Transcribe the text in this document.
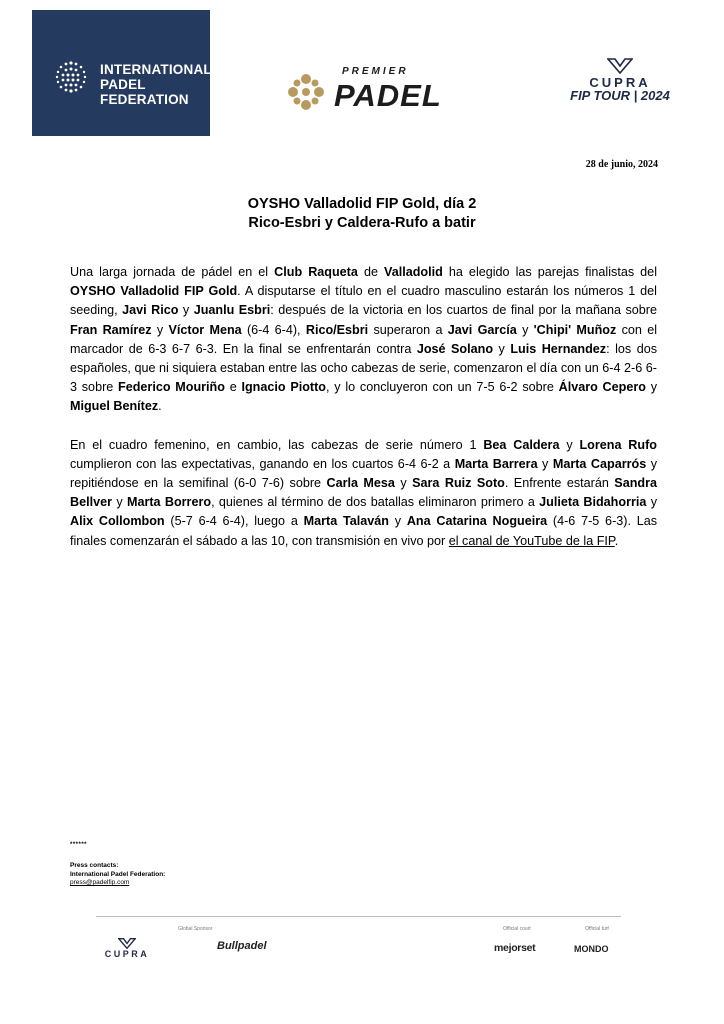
INTERNATIONAL
PADEL
FEDERATION
PREMIER
PADEL	CUPRA
FIP TOUR | 2024
28 de junio, 2024
OYSHO Valladolid FIP Gold, día 2
Rico-Esbri y Caldera-Rufo a batir

Una larga jornada de pádel en el Club Raqueta de Valladolid ha elegido las parejas finalistas del OYSHO Valladolid FIP Gold. A disputarse el título en el cuadro masculino estarán los números 1 del seeding, Javi Rico y Juanlu Esbri: después de la victoria en los cuartos de final por la mañana sobre Fran Ramírez y Víctor Mena (6-4 6-4), Rico/Esbri superaron a Javi García y 'Chipi' Muñoz con el marcador de 6-3 6-7 6-3. En la final se enfrentarán contra José Solano y Luis Hernandez: los dos españoles, que ni siquiera estaban entre las ocho cabezas de serie, comenzaron el día con un 6-4 2-6 6-3 sobre Federico Mouriño e Ignacio Piotto, y lo concluyeron con un 7-5 6-2 sobre Álvaro Cepero y Miguel Benítez.

En el cuadro femenino, en cambio, las cabezas de serie número 1 Bea Caldera y Lorena Rufo cumplieron con las expectativas, ganando en los cuartos 6-4 6-2 a Marta Barrera y Marta Caparrós y repitiéndose en la semifinal (6-0 7-6) sobre Carla Mesa y Sara Ruiz Soto. Enfrente estarán Sandra Bellver y Marta Borrero, quienes al término de dos batallas eliminaron primero a Julieta Bidahorria y Alix Collombon (5-7 6-4 6-4), luego a Marta Talaván y Ana Catarina Nogueira (4-6 7-5 6-3). Las finales comenzarán el sábado a las 10, con transmisión en vivo por el canal de YouTube de la FIP.

******
Press contacts:
International Padel Federation:
press@padelfip.com
Global Sponsor	Official court	Official turf
CUPRA
Bullpadel	mejorset	MONDO
